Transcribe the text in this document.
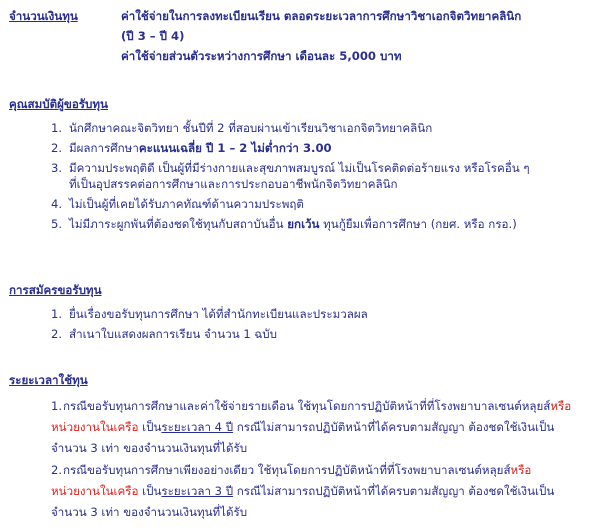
จำนวนเงินทุน	ค่าใช้จ่ายในการลงทะเบียนเรียน ตลอดระยะเวลาการศึกษาวิชาเอกจิตวิทยาคลินิก
(ปี 3 – ปี 4)
ค่าใช้จ่ายส่วนตัวระหว่างการศึกษา เดือนละ 5,000 บาท
คุณสมบัติผู้ขอรับทุน
1. นักศึกษาคณะจิตวิทยา ชั้นปีที่ 2 ที่สอบผ่านเข้าเรียนวิชาเอกจิตวิทยาคลินิก
2. มีผลการศึกษาคะแนนเฉลี่ย ปี 1 – 2 ไม่ต่ำกว่า 3.00
3. มีความประพฤติดี เป็นผู้ที่มีร่างกายและสุขภาพสมบูรณ์ ไม่เป็นโรคติดต่อร้ายแรง หรือโรคอื่น ๆ
ที่เป็นอุปสรรคต่อการศึกษาและการประกอบอาชีพนักจิตวิทยาคลินิก
4. ไม่เป็นผู้ที่เคยได้รับภาคทัณฑ์ด้านความประพฤติ
5. ไม่มีภาระผูกพันที่ต้องชดใช้ทุนกับสถาบันอื่น ยกเว้น ทุนกู้ยืมเพื่อการศึกษา (กยศ. หรือ กรอ.)
การสมัครขอรับทุน
1. ยื่นเรื่องขอรับทุนการศึกษา ได้ที่สำนักทะเบียนและประมวลผล
2. สำเนาใบแสดงผลการเรียน จำนวน 1 ฉบับ
ระยะเวลาใช้ทุน
1. กรณีขอรับทุนการศึกษาและค่าใช้จ่ายรายเดือน ใช้ทุนโดยการปฏิบัติหน้าที่ที่โรงพยาบาลเซนต์หลุยส์หรือ
หน่วยงานในเครือ เป็นระยะเวลา 4 ปี กรณีไม่สามารถปฏิบัติหน้าที่ได้ครบตามสัญญา ต้องชดใช้เงินเป็น
จำนวน 3 เท่า ของจำนวนเงินทุนที่ได้รับ
2. กรณีขอรับทุนการศึกษาเพียงอย่างเดียว ใช้ทุนโดยการปฏิบัติหน้าที่ที่โรงพยาบาลเซนต์หลุยส์หรือ
หน่วยงานในเครือ เป็นระยะเวลา 3 ปี กรณีไม่สามารถปฏิบัติหน้าที่ได้ครบตามสัญญา ต้องชดใช้เงินเป็น
จำนวน 3 เท่า ของจำนวนเงินทุนที่ได้รับ
